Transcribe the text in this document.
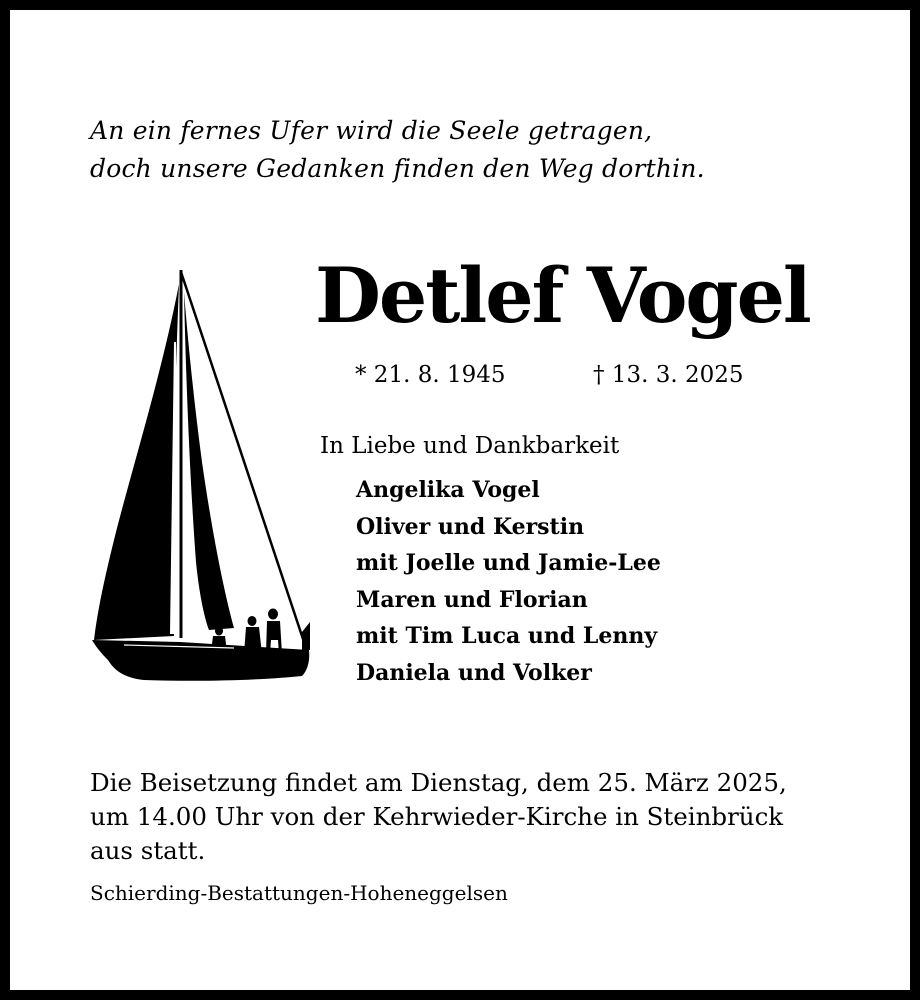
An ein fernes Ufer wird die Seele getragen,
doch unsere Gedanken finden den Weg dorthin.
Detlef Vogel
* 21. 8. 1945	† 13. 3. 2025
In Liebe und Dankbarkeit
Angelika Vogel
Oliver und Kerstin
mit Joelle und Jamie-Lee
Maren und Florian
mit Tim Luca und Lenny
Daniela und Volker
Die Beisetzung findet am Dienstag, dem 25. März 2025,
um 14.00 Uhr von der Kehrwieder-Kirche in Steinbrück
aus statt.
Schierding-Bestattungen-Hoheneggelsen
